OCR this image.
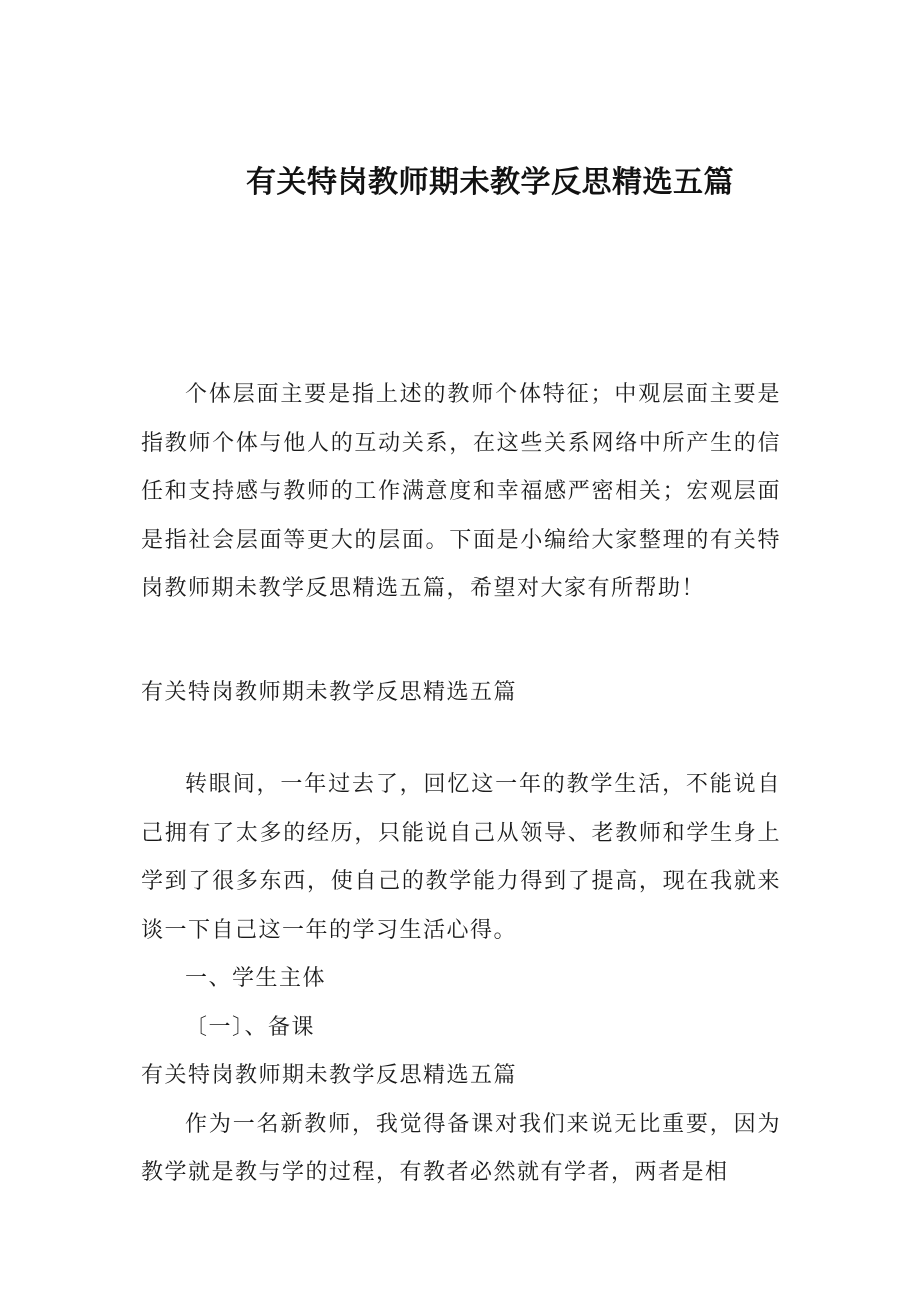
有关特岗教师期未教学反思精选五篇

个体层面主要是指上述的教师个体特征；中观层面主要是指教师个体与他人的互动关系，在这些关系网络中所产生的信任和支持感与教师的工作满意度和幸福感严密相关；宏观层面是指社会层面等更大的层面。下面是小编给大家整理的有关特岗教师期未教学反思精选五篇，希望对大家有所帮助！

有关特岗教师期未教学反思精选五篇

转眼间，一年过去了，回忆这一年的教学生活，不能说自己拥有了太多的经历，只能说自己从领导、老教师和学生身上学到了很多东西，使自己的教学能力得到了提高，现在我就来谈一下自己这一年的学习生活心得。

一、学生主体

〔一〕、备课

有关特岗教师期未教学反思精选五篇

作为一名新教师，我觉得备课对我们来说无比重要，因为教学就是教与学的过程，有教者必然就有学者，两者是相
